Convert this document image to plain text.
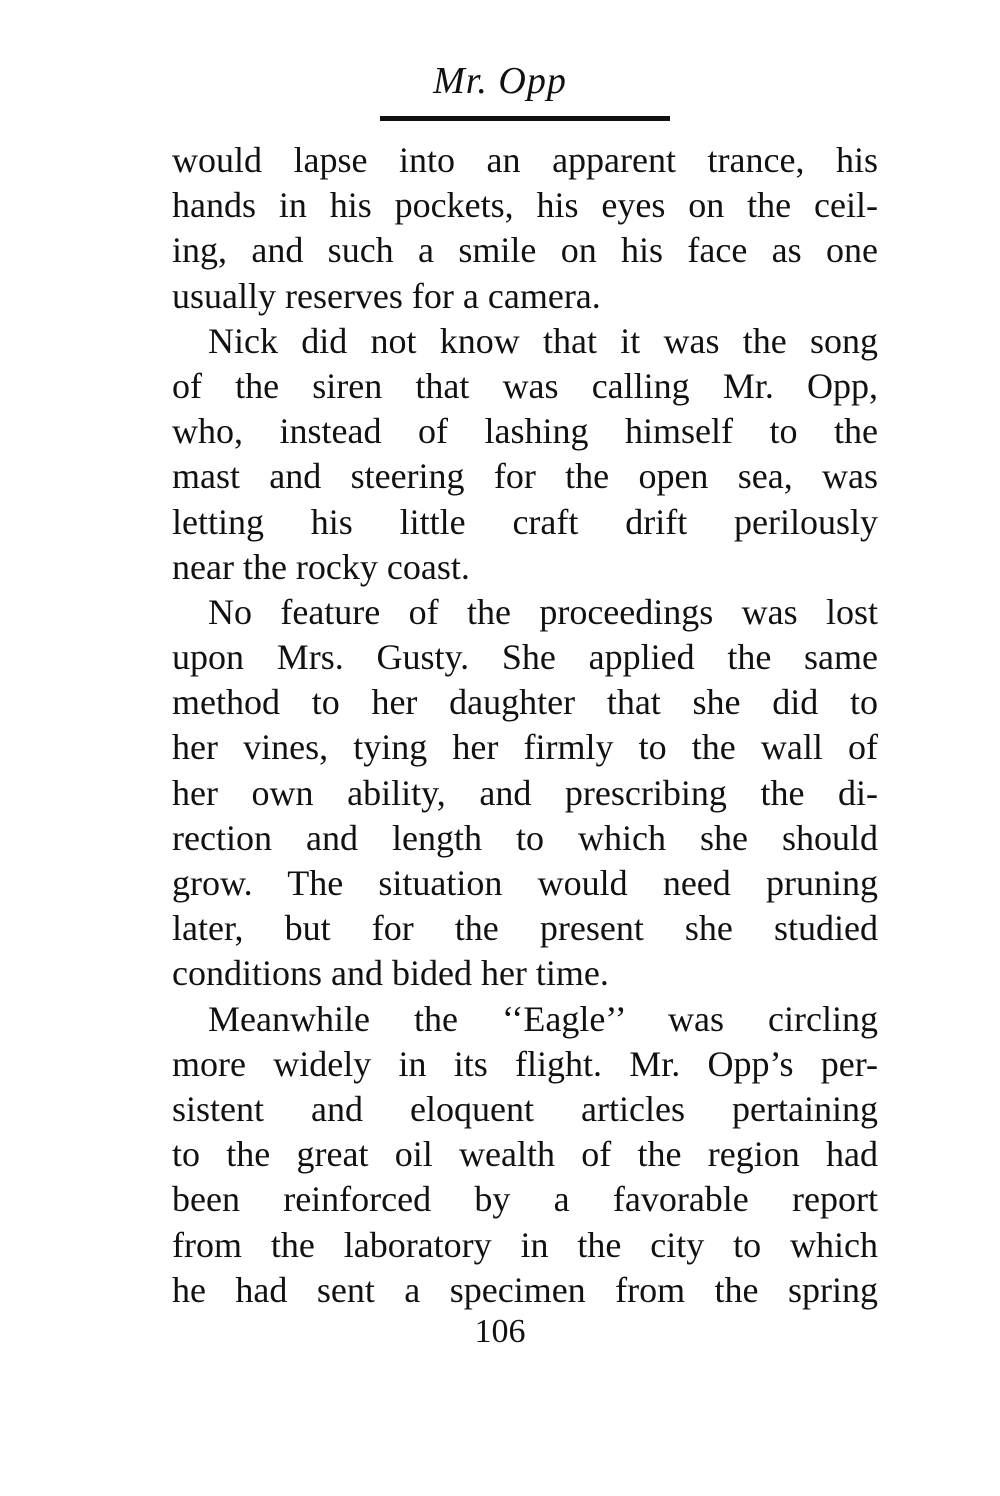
Mr. Opp
would lapse into an apparent trance, his
hands in his pockets, his eyes on the ceil-
ing, and such a smile on his face as one
usually reserves for a camera.
Nick did not know that it was the song
of the siren that was calling Mr. Opp,
who, instead of lashing himself to the
mast and steering for the open sea, was
letting his little craft drift perilously
near the rocky coast.
No feature of the proceedings was lost
upon Mrs. Gusty. She applied the same
method to her daughter that she did to
her vines, tying her firmly to the wall of
her own ability, and prescribing the di-
rection and length to which she should
grow. The situation would need pruning
later, but for the present she studied
conditions and bided her time.
Meanwhile the ‘‘Eagle’’ was circling
more widely in its flight. Mr. Opp’s per-
sistent and eloquent articles pertaining
to the great oil wealth of the region had
been reinforced by a favorable report
from the laboratory in the city to which
he had sent a specimen from the spring
106
